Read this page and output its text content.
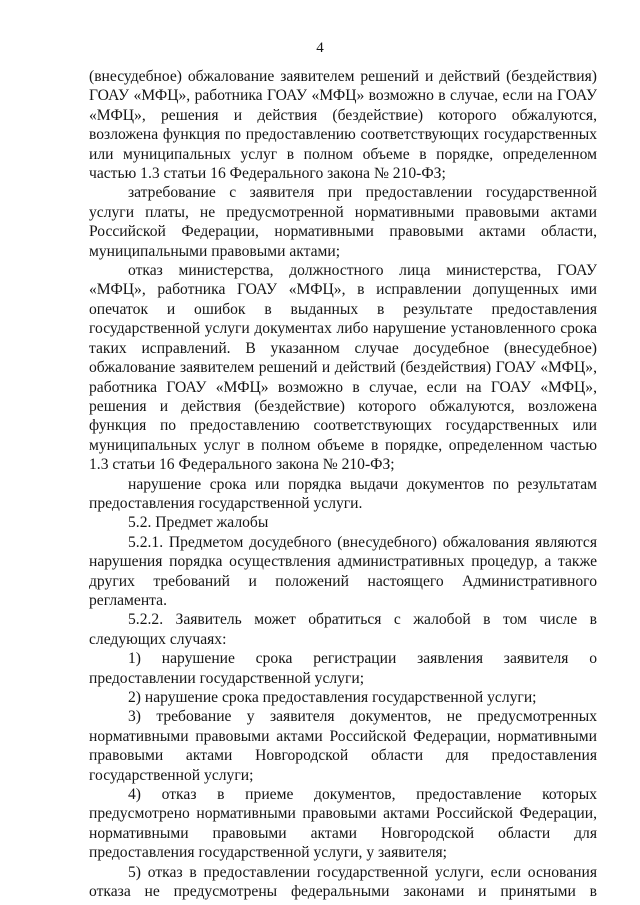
4

(внесудебное) обжалование заявителем решений и действий (бездействия) ГОАУ «МФЦ», работника ГОАУ «МФЦ» возможно в случае, если на ГОАУ «МФЦ», решения и действия (бездействие) которого обжалуются, возложена функция по предоставлению соответствующих государственных или муниципальных услуг в полном объеме в порядке, определенном частью 1.3 статьи 16 Федерального закона № 210-ФЗ;

затребование с заявителя при предоставлении государственной услуги платы, не предусмотренной нормативными правовыми актами Российской Федерации, нормативными правовыми актами области, муниципальными правовыми актами;

отказ министерства, должностного лица министерства, ГОАУ «МФЦ», работника ГОАУ «МФЦ», в исправлении допущенных ими опечаток и ошибок в выданных в результате предоставления государственной услуги документах либо нарушение установленного срока таких исправлений. В указанном случае досудебное (внесудебное) обжалование заявителем решений и действий (бездействия) ГОАУ «МФЦ», работника ГОАУ «МФЦ» возможно в случае, если на ГОАУ «МФЦ», решения и действия (бездействие) которого обжалуются, возложена функция по предоставлению соответствующих государственных или муниципальных услуг в полном объеме в порядке, определенном частью 1.3 статьи 16 Федерального закона № 210-ФЗ;

нарушение срока или порядка выдачи документов по результатам предоставления государственной услуги.

5.2. Предмет жалобы

5.2.1. Предметом досудебного (внесудебного) обжалования являются нарушения порядка осуществления административных процедур, а также других требований и положений настоящего Административного регламента.

5.2.2. Заявитель может обратиться с жалобой в том числе в следующих случаях:

1) нарушение срока регистрации заявления заявителя о предоставлении государственной услуги;

2) нарушение срока предоставления государственной услуги;

3) требование у заявителя документов, не предусмотренных нормативными правовыми актами Российской Федерации, нормативными правовыми актами Новгородской области для предоставления государственной услуги;

4) отказ в приеме документов, предоставление которых предусмотрено нормативными правовыми актами Российской Федерации, нормативными правовыми актами Новгородской области для предоставления государственной услуги, у заявителя;

5) отказ в предоставлении государственной услуги, если основания отказа не предусмотрены федеральными законами и принятыми в
